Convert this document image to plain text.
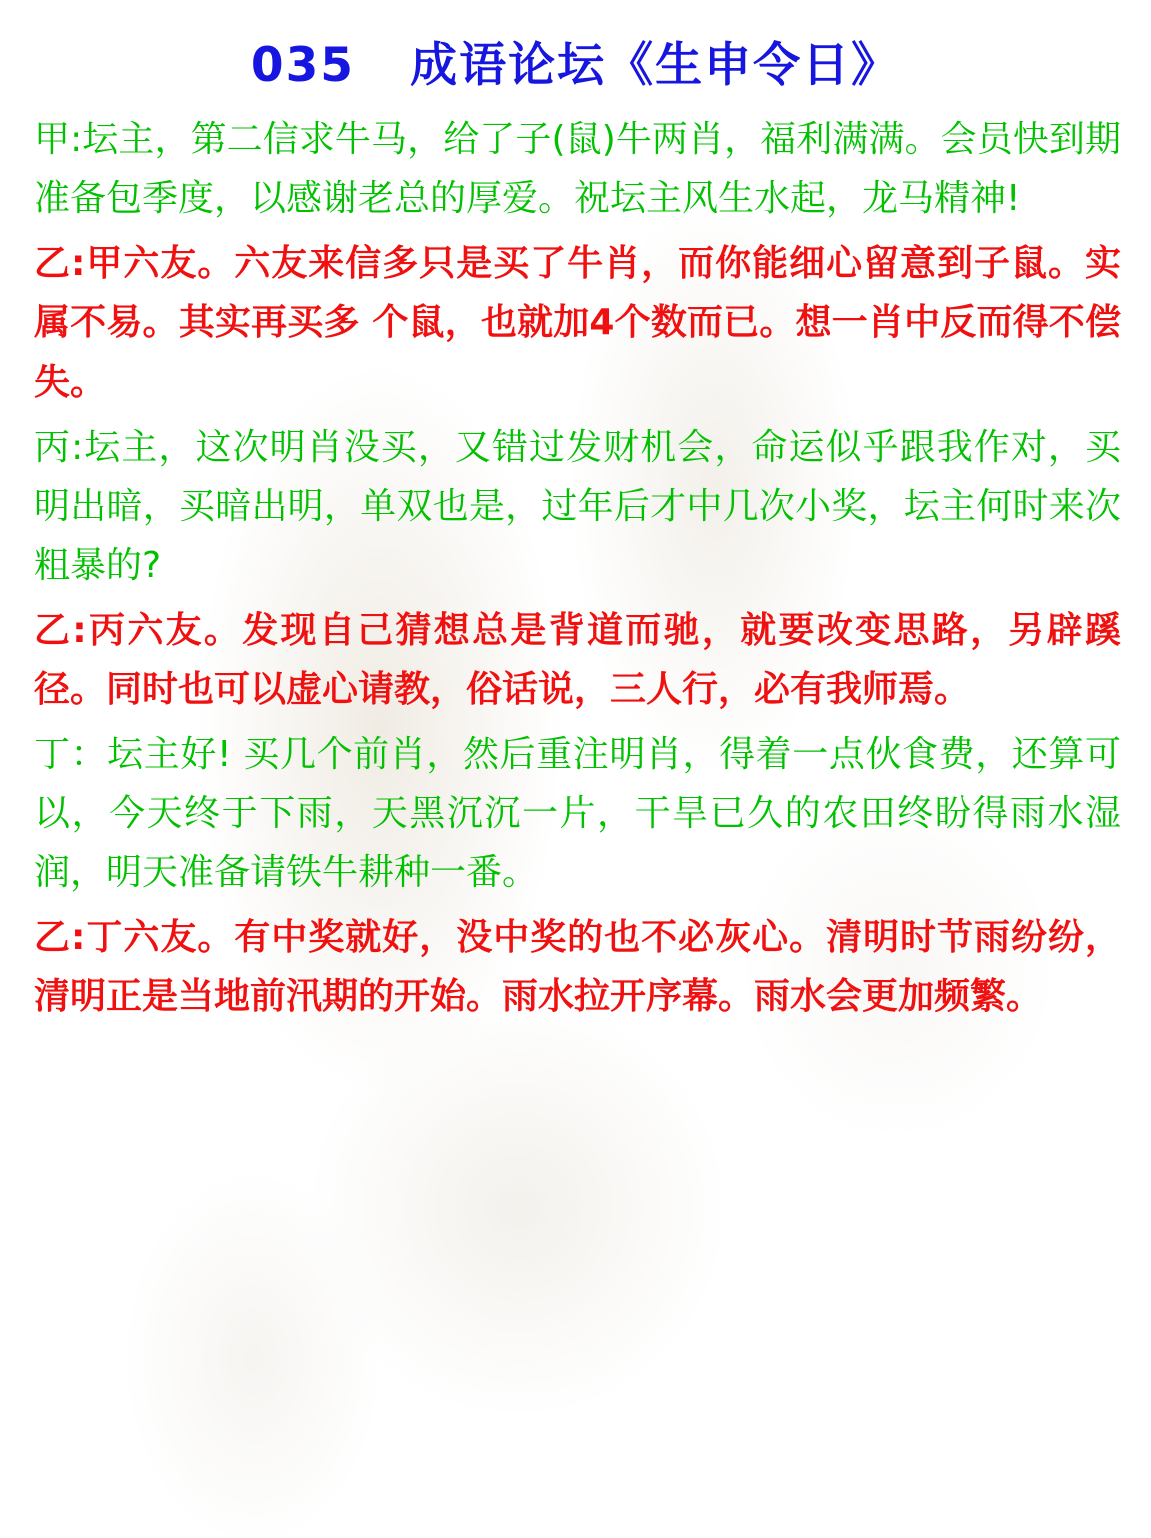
035   成语论坛《生申令日》

甲:坛主，第二信求牛马，给了子(鼠)牛两肖，福利满满。会员快到期准备包季度，以感谢老总的厚爱。祝坛主风生水起，龙马精神!

乙:甲六友。六友来信多只是买了牛肖，而你能细心留意到子鼠。实属不易。其实再买多 个鼠，也就加4个数而已。想一肖中反而得不偿失。

丙:坛主，这次明肖没买，又错过发财机会，命运似乎跟我作对，买明出暗，买暗出明，单双也是，过年后才中几次小奖，坛主何时来次粗暴的?

乙:丙六友。发现自己猜想总是背道而驰，就要改变思路，另辟蹊径。同时也可以虚心请教，俗话说，三人行，必有我师焉。

丁：坛主好! 买几个前肖，然后重注明肖，得着一点伙食费，还算可以，今天终于下雨，天黑沉沉一片，干旱已久的农田终盼得雨水湿润，明天准备请铁牛耕种一番。

乙:丁六友。有中奖就好，没中奖的也不必灰心。清明时节雨纷纷，清明正是当地前汛期的开始。雨水拉开序幕。雨水会更加频繁。
